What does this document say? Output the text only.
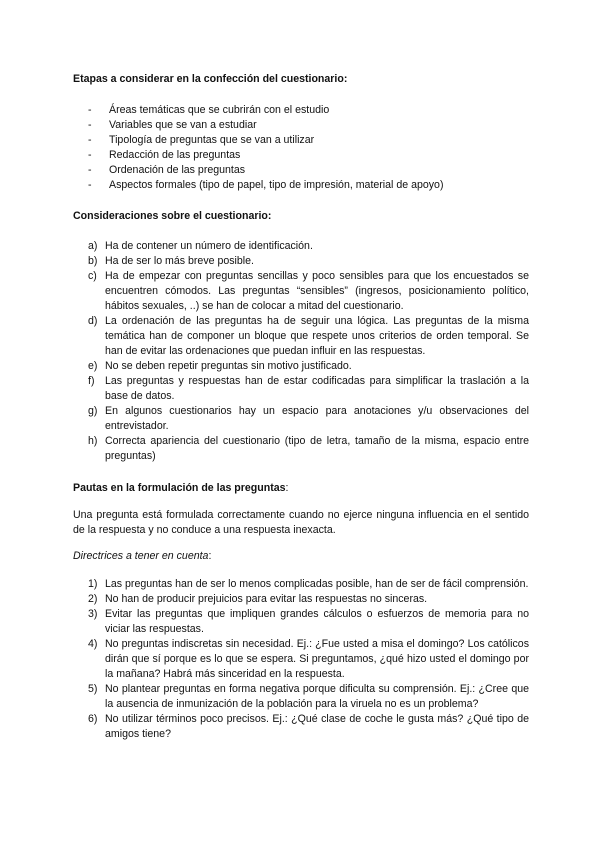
Etapas a considerar en la confección del cuestionario:
- Áreas temáticas que se cubrirán con el estudio
- Variables que se van a estudiar
- Tipología de preguntas que se van a utilizar
- Redacción de las preguntas
- Ordenación de las preguntas
- Aspectos formales (tipo de papel, tipo de impresión, material de apoyo)
Consideraciones sobre el cuestionario:
a) Ha de contener un número de identificación.
b) Ha de ser lo más breve posible.
c) Ha de empezar con preguntas sencillas y poco sensibles para que los encuestados se encuentren cómodos. Las preguntas “sensibles” (ingresos, posicionamiento político, hábitos sexuales, ..) se han de colocar a mitad del cuestionario.
d) La ordenación de las preguntas ha de seguir una lógica. Las preguntas de la misma temática han de componer un bloque que respete unos criterios de orden temporal. Se han de evitar las ordenaciones que puedan influir en las respuestas.
e) No se deben repetir preguntas sin motivo justificado.
f) Las preguntas y respuestas han de estar codificadas para simplificar la traslación a la base de datos.
g) En algunos cuestionarios hay un espacio para anotaciones y/u observaciones del entrevistador.
h) Correcta apariencia del cuestionario (tipo de letra, tamaño de la misma, espacio entre preguntas)
Pautas en la formulación de las preguntas:
Una pregunta está formulada correctamente cuando no ejerce ninguna influencia en el sentido de la respuesta y no conduce a una respuesta inexacta.
Directrices a tener en cuenta:
1) Las preguntas han de ser lo menos complicadas posible, han de ser de fácil comprensión.
2) No han de producir prejuicios para evitar las respuestas no sinceras.
3) Evitar las preguntas que impliquen grandes cálculos o esfuerzos de memoria para no viciar las respuestas.
4) No preguntas indiscretas sin necesidad. Ej.: ¿Fue usted a misa el domingo? Los católicos dirán que sí porque es lo que se espera. Si preguntamos, ¿qué hizo usted el domingo por la mañana? Habrá más sinceridad en la respuesta.
5) No plantear preguntas en forma negativa porque dificulta su comprensión. Ej.: ¿Cree que la ausencia de inmunización de la población para la viruela no es un problema?
6) No utilizar términos poco precisos. Ej.: ¿Qué clase de coche le gusta más? ¿Qué tipo de amigos tiene?
